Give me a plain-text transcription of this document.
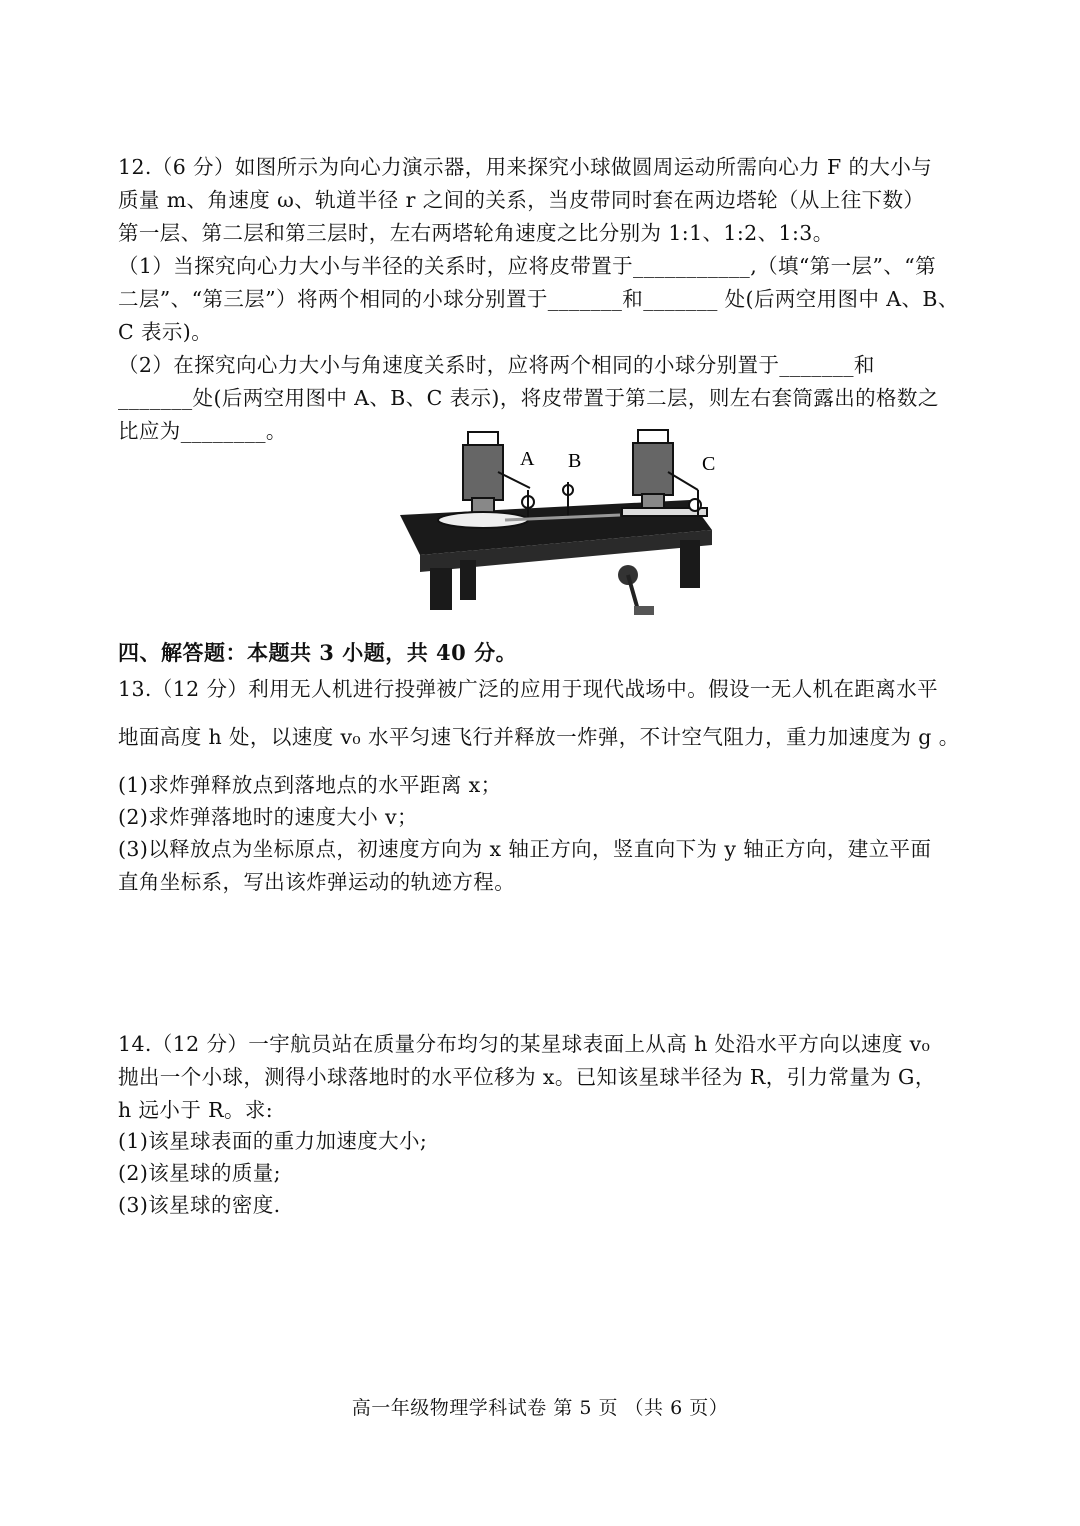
12.（6 分）如图所示为向心力演示器，用来探究小球做圆周运动所需向心力 F 的大小与
质量 m、角速度 ω、轨道半径 r 之间的关系，当皮带同时套在两边塔轮（从上往下数）
第一层、第二层和第三层时，左右两塔轮角速度之比分别为 1:1、1:2、1:3。
（1）当探究向心力大小与半径的关系时，应将皮带置于___________,（填“第一层”、“第
二层”、“第三层”）将两个相同的小球分别置于_______和_______ 处(后两空用图中 A、B、
C 表示)。
（2）在探究向心力大小与角速度关系时，应将两个相同的小球分别置于_______和
_______处(后两空用图中 A、B、C 表示)，将皮带置于第二层，则左右套筒露出的格数之
比应为________。
A B	C
四、解答题：本题共 3 小题，共 40 分。
13.（12 分）利用无人机进行投弹被广泛的应用于现代战场中。假设一无人机在距离水平
地面高度 h 处，以速度 v₀ 水平匀速飞行并释放一炸弹，不计空气阻力，重力加速度为 g 。
(1)求炸弹释放点到落地点的水平距离 x；
(2)求炸弹落地时的速度大小 v；
(3)以释放点为坐标原点，初速度方向为 x 轴正方向，竖直向下为 y 轴正方向，建立平面
直角坐标系，写出该炸弹运动的轨迹方程。
14.（12 分）一宇航员站在质量分布均匀的某星球表面上从高 h 处沿水平方向以速度 v₀
抛出一个小球，测得小球落地时的水平位移为 x。已知该星球半径为 R，引力常量为 G，
h 远小于 R。求:
(1)该星球表面的重力加速度大小;
(2)该星球的质量;
(3)该星球的密度.
高一年级物理学科试卷 第 5 页 （共 6 页）
